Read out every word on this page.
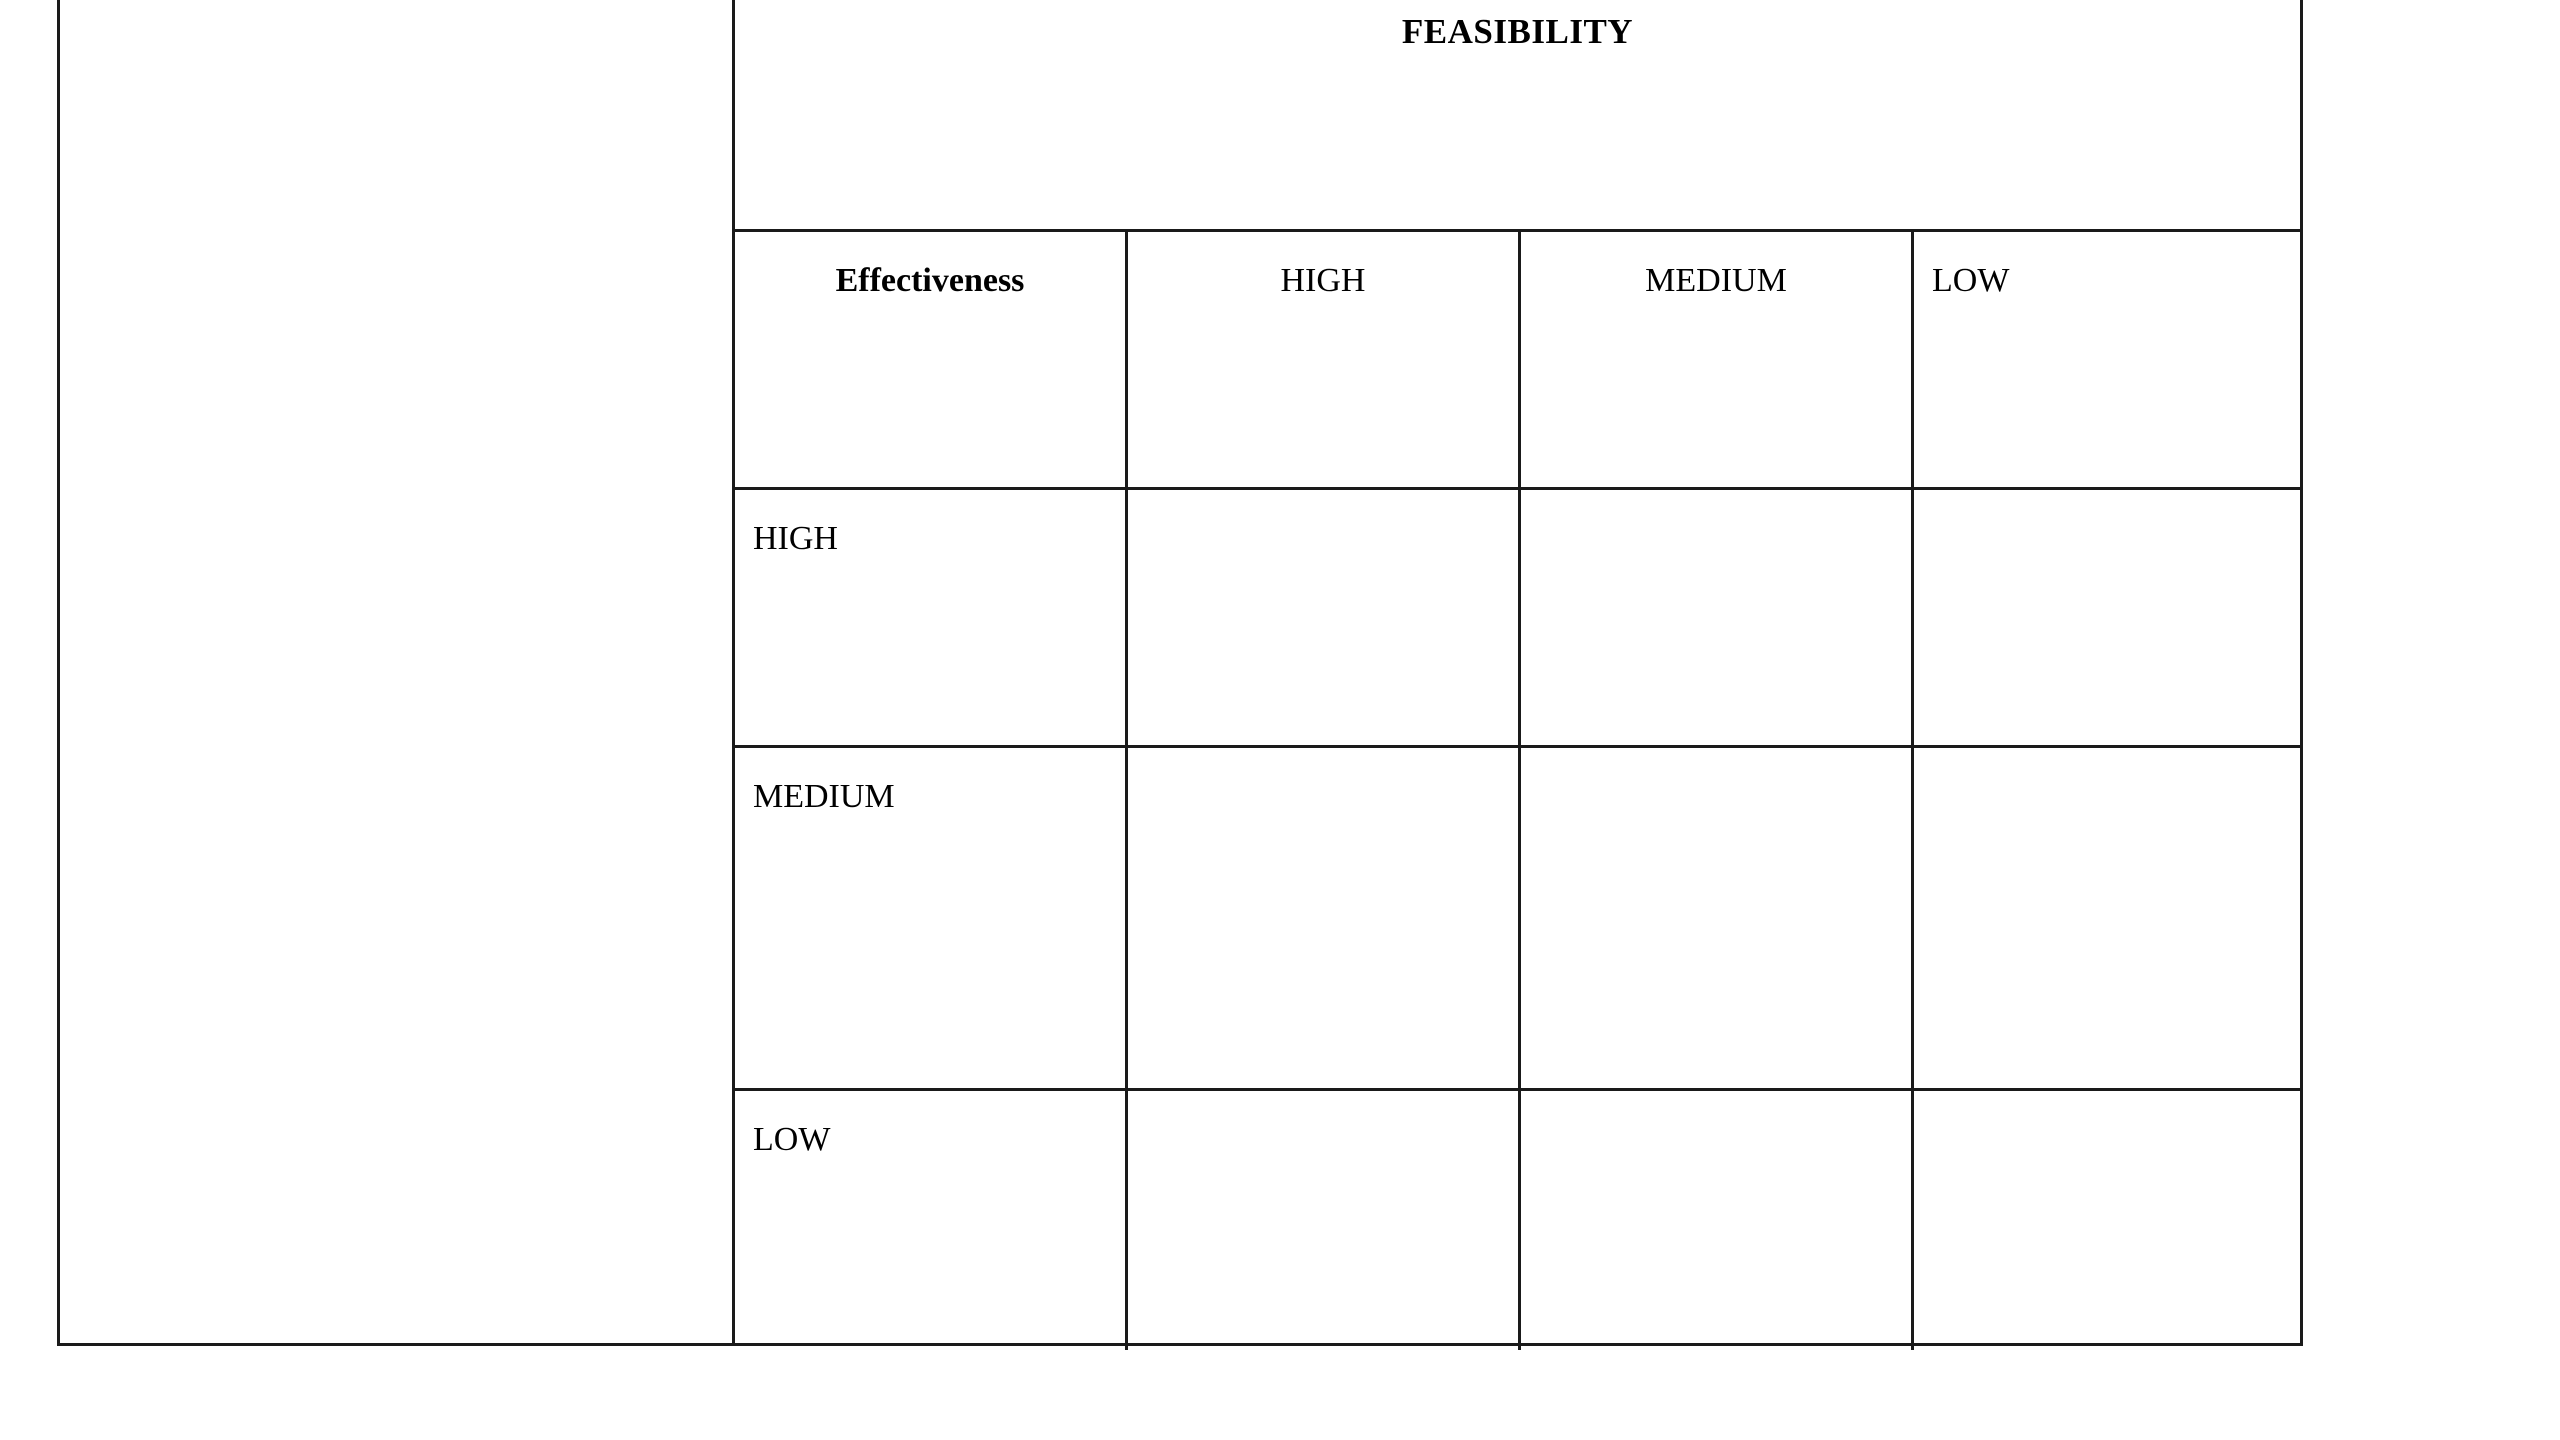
FEASIBILITY
Effectiveness	HIGH	MEDIUM	LOW
HIGH
MEDIUM
LOW
